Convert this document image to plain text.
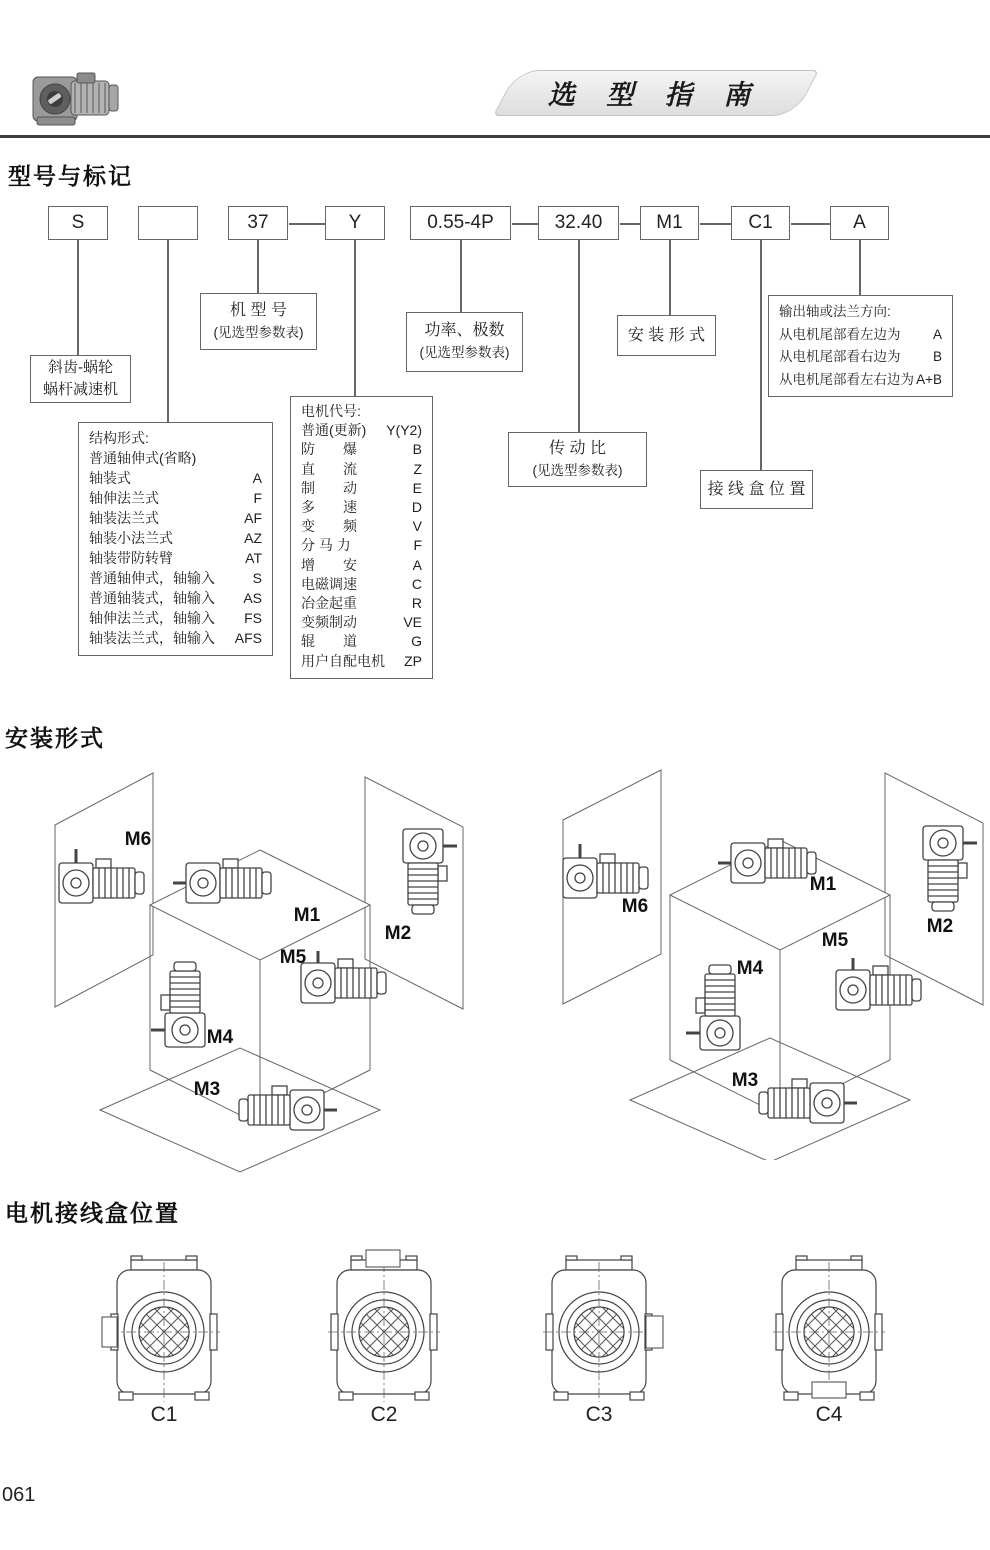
选 型 指 南
型号与标记
S	37	Y	0.55-4P	32.40	M1	C1	A
斜齿-蜗轮
蜗杆减速机
机 型 号
(见选型参数表)	功率、极数
(见选型参数表)
安 装 形 式
传 动 比
(见选型参数表)
接 线 盒 位 置
输出轴或法兰方向:
从电机尾部看左边为 A
从电机尾部看右边为 B
从电机尾部看左右边为 A+B
结构形式:
普通轴伸式(省略)
轴装式	A
轴伸法兰式	F
轴装法兰式	AF
轴装小法兰式	AZ
轴装带防转臂	AT
普通轴伸式，轴输入	S
普通轴装式，轴输入 AS
轴伸法兰式，轴输入 FS
轴装法兰式，轴输入 AFS
电机代号:
普通(更新) Y(Y2)
防　　爆	B
直　　流	Z
制　　动	E
多　　速	D
变　　频	V
分 马 力	F
增　　安	A
电磁调速	C
冶金起重	R
变频制动	VE
辊　　道	G
用户自配电机 ZP
安装形式
M6
M1
M2
M5
M4
M3
M6
M1
M2
M4
M5
M3
电机接线盒位置
C1	C2	C3	C4
061
